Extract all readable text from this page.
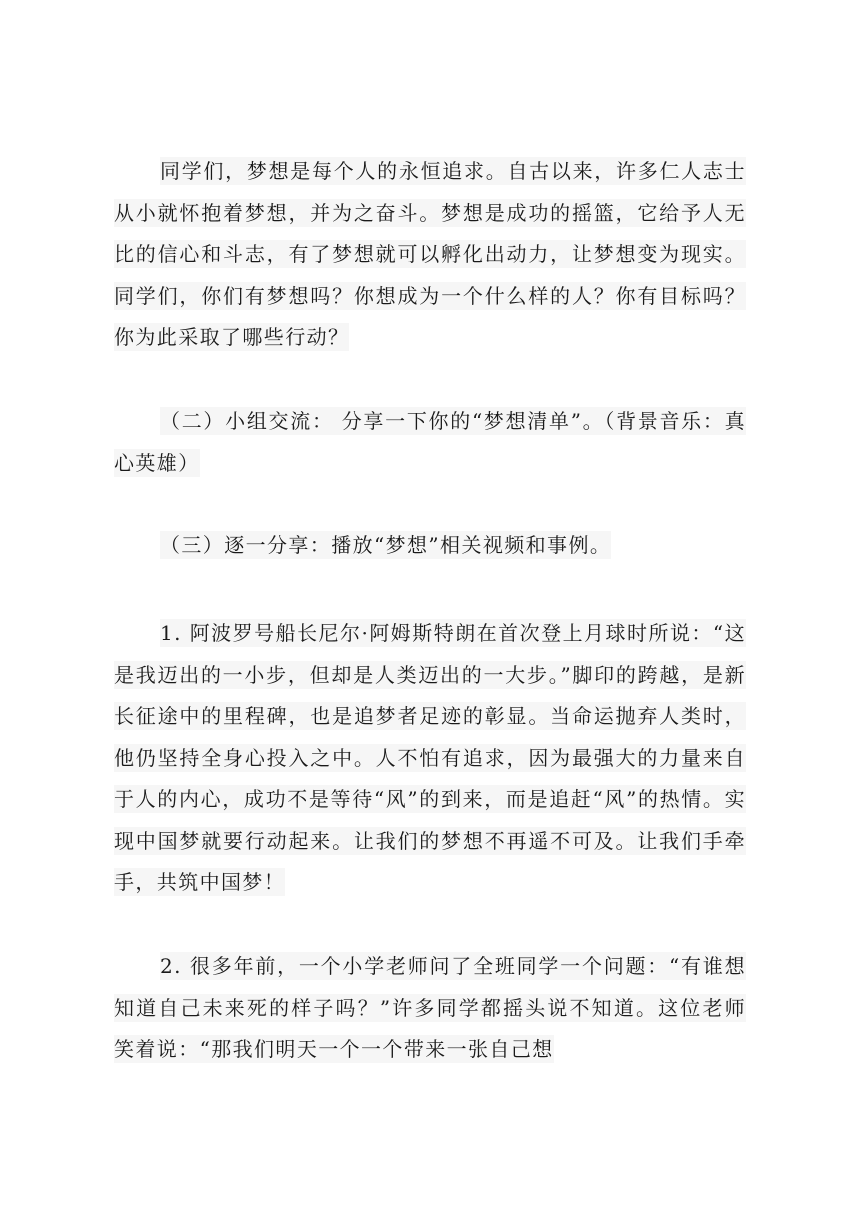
同学们，梦想是每个人的永恒追求。自古以来，许多仁人志士从小就怀抱着梦想，并为之奋斗。梦想是成功的摇篮，它给予人无比的信心和斗志，有了梦想就可以孵化出动力，让梦想变为现实。同学们，你们有梦想吗？你想成为一个什么样的人？你有目标吗？你为此采取了哪些行动？

（二）小组交流： 分享一下你的“梦想清单”。（背景音乐：真心英雄）

（三）逐一分享：播放“梦想”相关视频和事例。

1. 阿波罗号船长尼尔·阿姆斯特朗在首次登上月球时所说：“这是我迈出的一小步，但却是人类迈出的一大步。”脚印的跨越，是新长征途中的里程碑，也是追梦者足迹的彰显。当命运抛弃人类时，他仍坚持全身心投入之中。人不怕有追求，因为最强大的力量来自于人的内心，成功不是等待“风”的到来，而是追赶“风”的热情。实现中国梦就要行动起来。让我们的梦想不再遥不可及。让我们手牵手，共筑中国梦！

2. 很多年前，一个小学老师问了全班同学一个问题：“有谁想知道自己未来死的样子吗？”许多同学都摇头说不知道。这位老师笑着说：“那我们明天一个一个带来一张自己想
